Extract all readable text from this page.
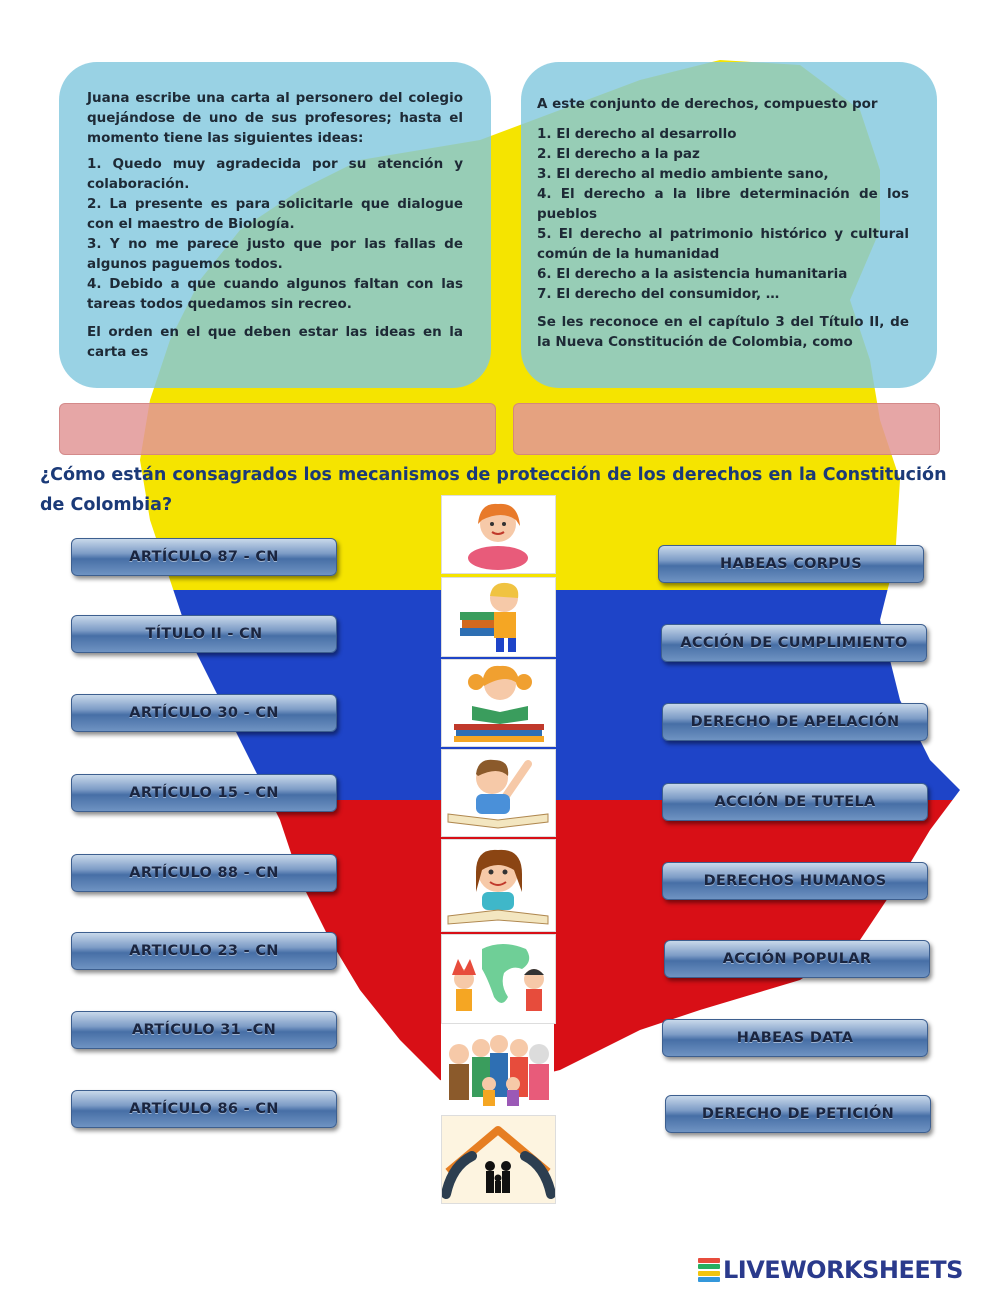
Juana escribe una carta al personero del colegio quejándose de uno de sus profesores; hasta el momento tiene las siguientes ideas:

1. Quedo muy agradecida por su atención y colaboración.
2. La presente es para solicitarle que dialogue con el maestro de Biología.
3. Y no me parece justo que por las fallas de algunos paguemos todos.
4. Debido a que cuando algunos faltan con las tareas todos quedamos sin recreo.

El orden en el que deben estar las ideas en la carta es

A este conjunto de derechos, compuesto por

1. El derecho al desarrollo
2. El derecho a la paz
3. El derecho al medio ambiente sano,
4. El derecho a la libre determinación de los pueblos
5. El derecho al patrimonio histórico y cultural común de la humanidad
6. El derecho a la asistencia humanitaria
7. El derecho del consumidor, …

Se les reconoce en el capítulo 3 del Título II, de la Nueva Constitución de Colombia, como

¿Cómo están consagrados los mecanismos de protección de los derechos en la Constitución de Colombia?
ARTÍCULO 87 - CN
TÍTULO II - CN
ARTÍCULO 30 - CN
ARTÍCULO 15 - CN
ARTÍCULO 88 - CN
ARTICULO 23 - CN
ARTÍCULO 31 -CN
ARTÍCULO 86 - CN
HABEAS CORPUS
ACCIÓN DE CUMPLIMIENTO
DERECHO DE APELACIÓN
ACCIÓN DE TUTELA
DERECHOS HUMANOS
ACCIÓN POPULAR
HABEAS DATA
DERECHO DE PETICIÓN
LIVEWORKSHEETS
